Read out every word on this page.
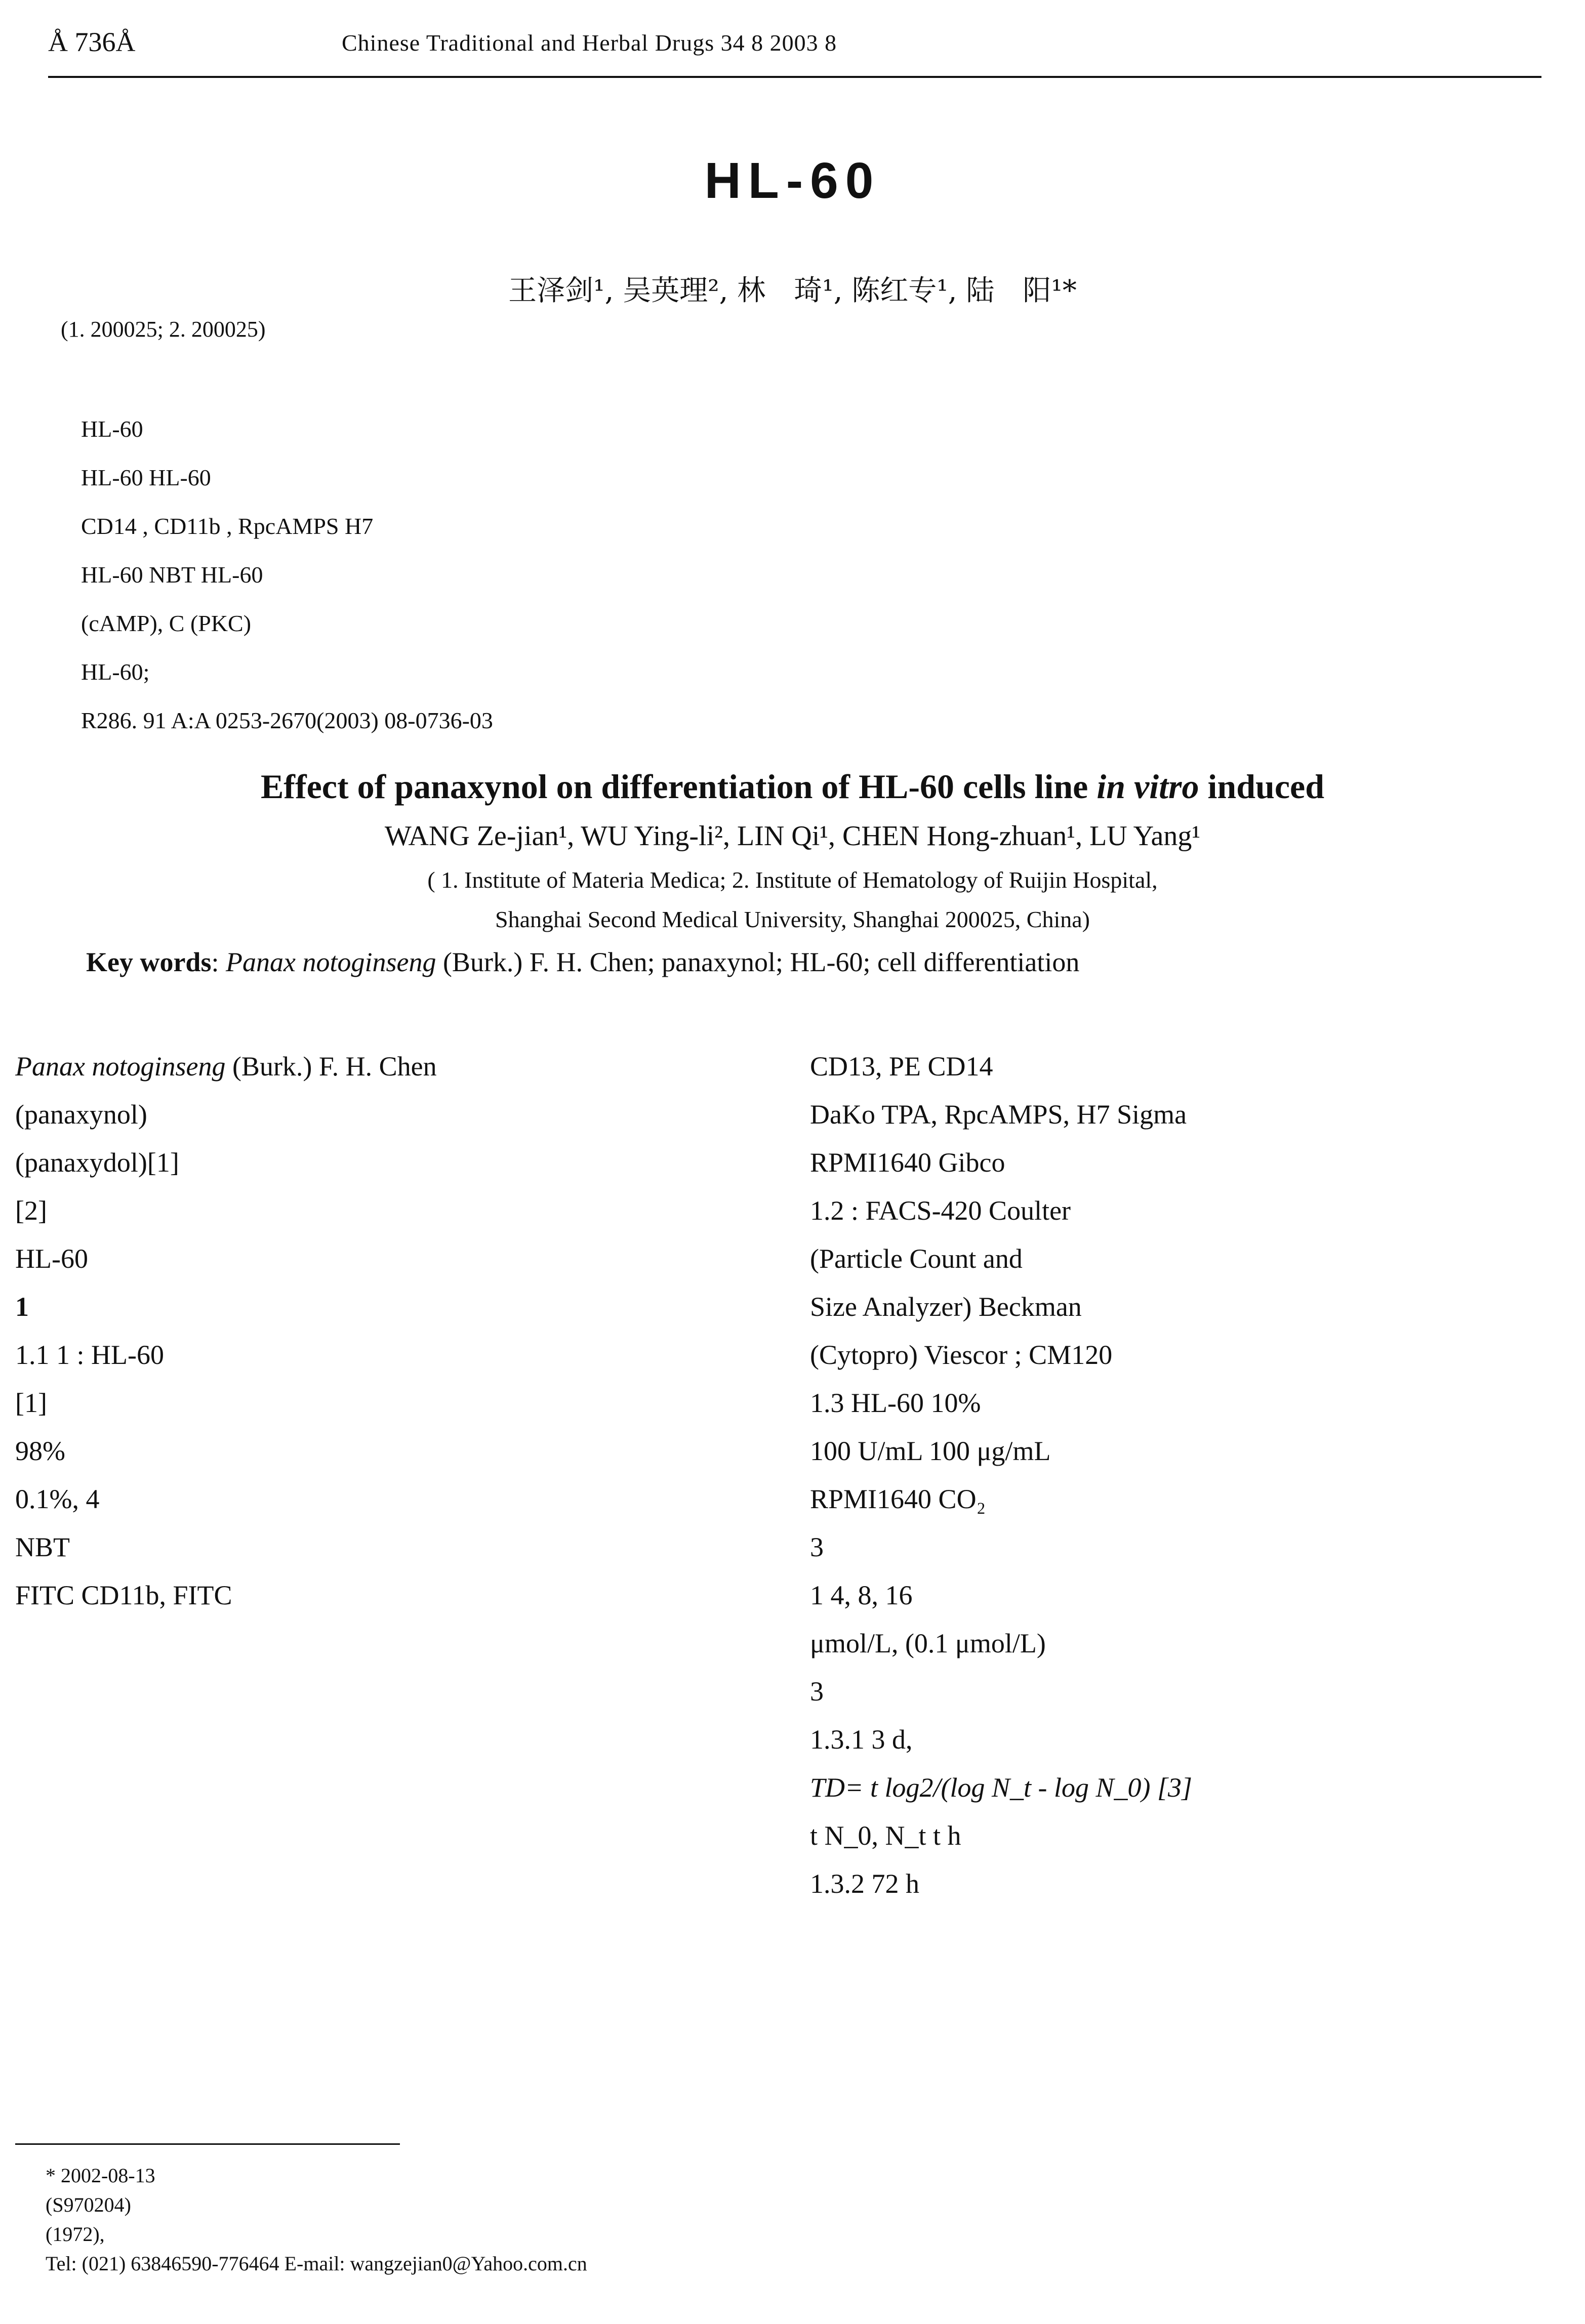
Å 736Å	Chinese Traditional and Herbal Drugs 34 8 2003 8
HL-60
王泽剑¹, 吴英理², 林　琦¹, 陈红专¹, 陆　阳¹*
(1. 200025; 2. 200025)

HL-60

HL-60 HL-60

CD14 , CD11b , RpcAMPS H7

HL-60 NBT HL-60

(cAMP), C (PKC)

HL-60;

R286. 91 A:A 0253-2670(2003) 08-0736-03

Effect of panaxynol on differentiation of HL-60 cells line in vitro induced
WANG Ze-jian¹, WU Ying-li², LIN Qi¹, CHEN Hong-zhuan¹, LU Yang¹
( 1. Institute of Materia Medica; 2. Institute of Hematology of Ruijin Hospital,
Shanghai Second Medical University, Shanghai 200025, China)
Key words: Panax notoginseng (Burk.) F. H. Chen; panaxynol; HL-60; cell differentiation

Panax notoginseng (Burk.) F. H. Chen

(panaxynol)

(panaxydol)[1]

[2]

HL-60

1

1.1 1 : HL-60

[1]

98%

0.1%, 4

NBT

FITC CD11b, FITC

CD13, PE CD14

DaKo TPA, RpcAMPS, H7 Sigma

RPMI1640 Gibco

1.2 : FACS-420 Coulter

(Particle Count and

Size Analyzer) Beckman

(Cytopro) Viescor ; CM120

1.3 HL-60 10%

100 U/mL 100 μg/mL

RPMI1640 CO₂

3

1 4, 8, 16

μmol/L, (0.1 μmol/L)

3

1.3.1 3 d,

TD= t log2/(log N_t - log N_0) [3]

t N_0, N_t t h

1.3.2 72 h

* 2002-08-13

(S970204)

(1972),

Tel: (021) 63846590-776464 E-mail: wangzejian0@Yahoo.com.cn
